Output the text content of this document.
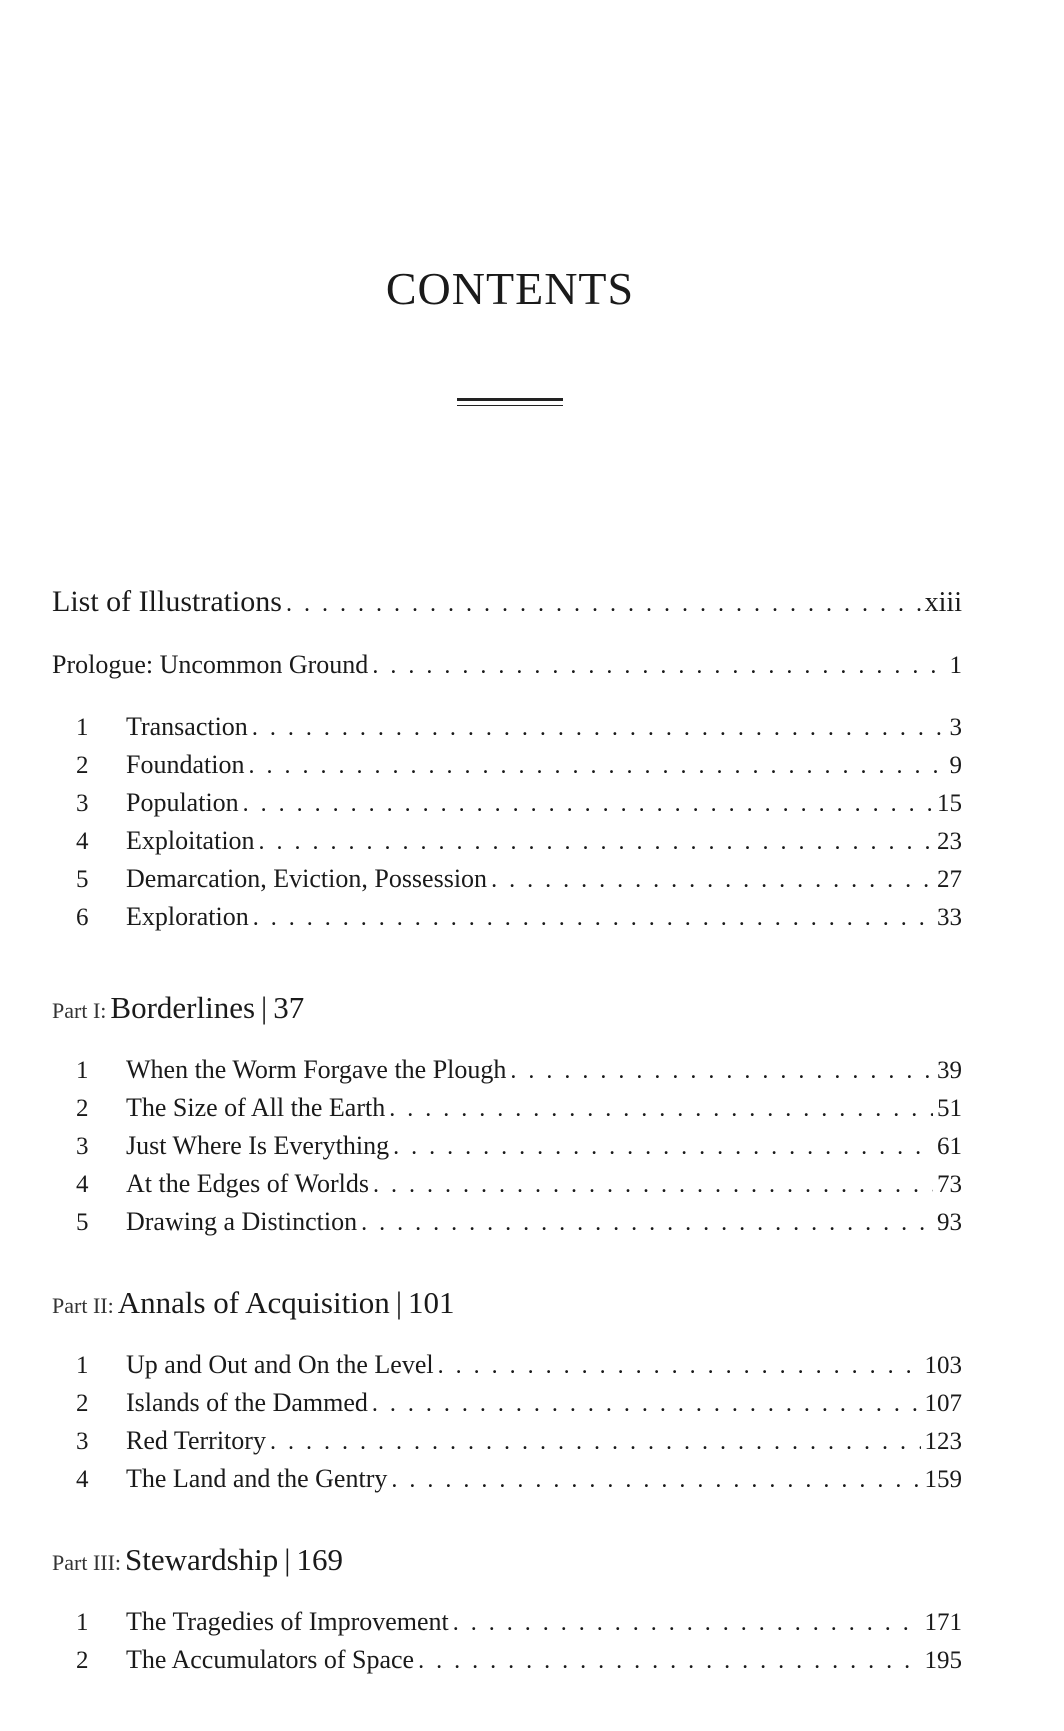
CONTENTS
List of Illustrations . . .	xiii
Prologue: Uncommon Ground . . .	1
1	Transaction . . .	3
2	Foundation . . .	9
3	Population . . .	15
4	Exploitation . . .	23
5	Demarcation, Eviction, Possession . . .	27
6	Exploration . . .	33
Part I: Borderlines | 37
1	When the Worm Forgave the Plough . . .	39
2	The Size of All the Earth . . .	51
3	Just Where Is Everything . . .	61
4	At the Edges of Worlds . . .	73
5	Drawing a Distinction . . .	93
Part II: Annals of Acquisition | 101
1	Up and Out and On the Level . . .	103
2	Islands of the Dammed . . .	107
3	Red Territory . . .	123
4	The Land and the Gentry . . .	159
Part III: Stewardship | 169
1	The Tragedies of Improvement . . .	171
2	The Accumulators of Space . . .	195
